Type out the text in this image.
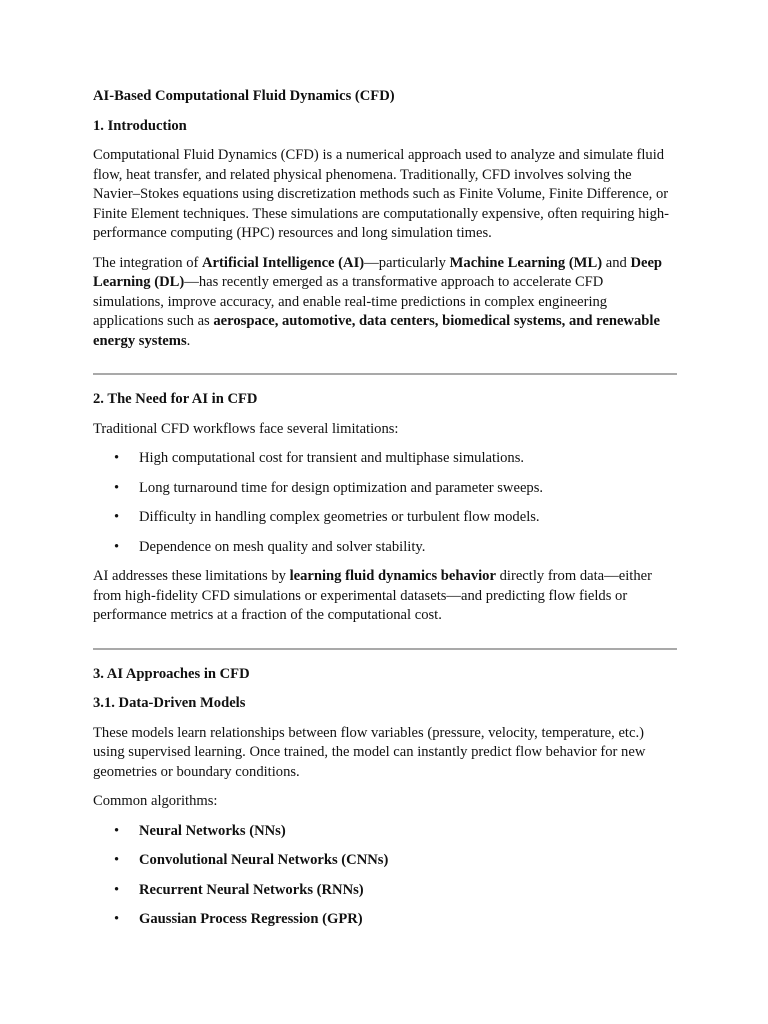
AI-Based Computational Fluid Dynamics (CFD)
1. Introduction

Computational Fluid Dynamics (CFD) is a numerical approach used to analyze and simulate fluid flow, heat transfer, and related physical phenomena. Traditionally, CFD involves solving the Navier–Stokes equations using discretization methods such as Finite Volume, Finite Difference, or Finite Element techniques. These simulations are computationally expensive, often requiring high-performance computing (HPC) resources and long simulation times.

The integration of Artificial Intelligence (AI)—particularly Machine Learning (ML) and Deep Learning (DL)—has recently emerged as a transformative approach to accelerate CFD simulations, improve accuracy, and enable real-time predictions in complex engineering applications such as aerospace, automotive, data centers, biomedical systems, and renewable energy systems.

2. The Need for AI in CFD

Traditional CFD workflows face several limitations:

• High computational cost for transient and multiphase simulations.
• Long turnaround time for design optimization and parameter sweeps.
• Difficulty in handling complex geometries or turbulent flow models.
• Dependence on mesh quality and solver stability.

AI addresses these limitations by learning fluid dynamics behavior directly from data—either from high-fidelity CFD simulations or experimental datasets—and predicting flow fields or performance metrics at a fraction of the computational cost.

3. AI Approaches in CFD
3.1. Data-Driven Models

These models learn relationships between flow variables (pressure, velocity, temperature, etc.) using supervised learning. Once trained, the model can instantly predict flow behavior for new geometries or boundary conditions.

Common algorithms:

• Neural Networks (NNs)
• Convolutional Neural Networks (CNNs)
• Recurrent Neural Networks (RNNs)
• Gaussian Process Regression (GPR)
